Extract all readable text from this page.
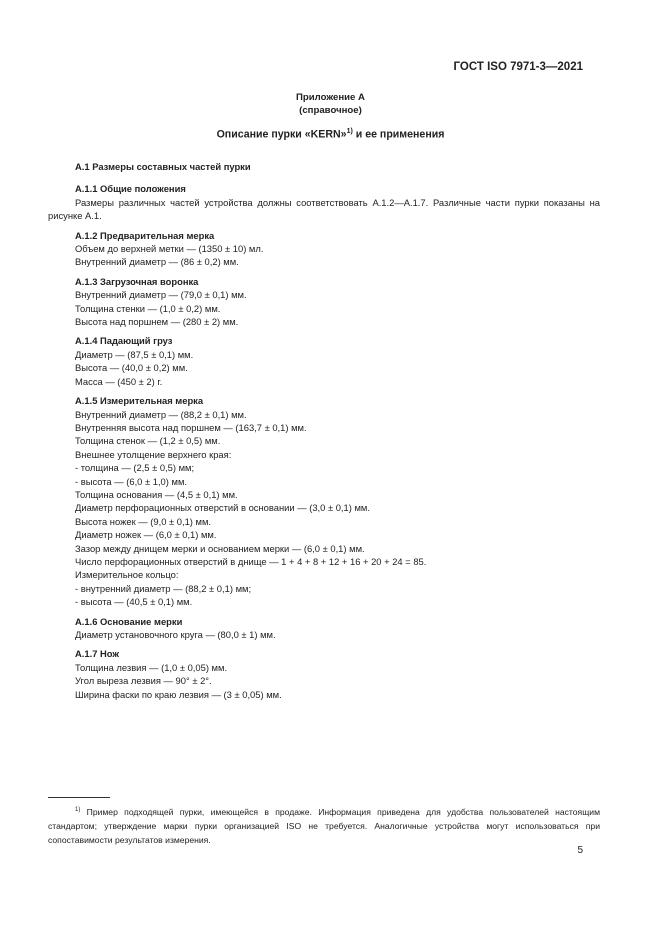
ГОСТ ISO 7971-3—2021
Приложение А
(справочное)
Описание пурки «KERN»$^{1)}$ и ее применения
А.1 Размеры составных частей пурки
А.1.1 Общие положения
Размеры различных частей устройства должны соответствовать А.1.2—А.1.7. Различные части пурки показаны на рисунке А.1.
А.1.2 Предварительная мерка
Объем до верхней метки — (1350 ± 10) мл.
Внутренний диаметр — (86 ± 0,2) мм.
А.1.3 Загрузочная воронка
Внутренний диаметр — (79,0 ± 0,1) мм.
Толщина стенки — (1,0 ± 0,2) мм.
Высота над поршнем — (280 ± 2) мм.
А.1.4 Падающий груз
Диаметр — (87,5 ± 0,1) мм.
Высота — (40,0 ± 0,2) мм.
Масса — (450 ± 2) г.
А.1.5 Измерительная мерка
Внутренний диаметр — (88,2 ± 0,1) мм.
Внутренняя высота над поршнем — (163,7 ± 0,1) мм.
Толщина стенок — (1,2 ± 0,5) мм.
Внешнее утолщение верхнего края:
- толщина — (2,5 ± 0,5) мм;
- высота — (6,0 ± 1,0) мм.
Толщина основания — (4,5 ± 0,1) мм.
Диаметр перфорационных отверстий в основании — (3,0 ± 0,1) мм.
Высота ножек — (9,0 ± 0,1) мм.
Диаметр ножек — (6,0 ± 0,1) мм.
Зазор между днищем мерки и основанием мерки — (6,0 ± 0,1) мм.
Число перфорационных отверстий в днище — 1 + 4 + 8 + 12 + 16 + 20 + 24 = 85.
Измерительное кольцо:
- внутренний диаметр — (88,2 ± 0,1) мм;
- высота — (40,5 ± 0,1) мм.
А.1.6 Основание мерки
Диаметр установочного круга — (80,0 ± 1) мм.
А.1.7 Нож
Толщина лезвия — (1,0 ± 0,05) мм.
Угол выреза лезвия — 90° ± 2°.
Ширина фаски по краю лезвия — (3 ± 0,05) мм.
$^{1)}$ Пример подходящей пурки, имеющейся в продаже. Информация приведена для удобства пользователей настоящим стандартом; утверждение марки пурки организацией ISO не требуется. Аналогичные устройства могут использоваться при сопоставимости результатов измерения.
5
